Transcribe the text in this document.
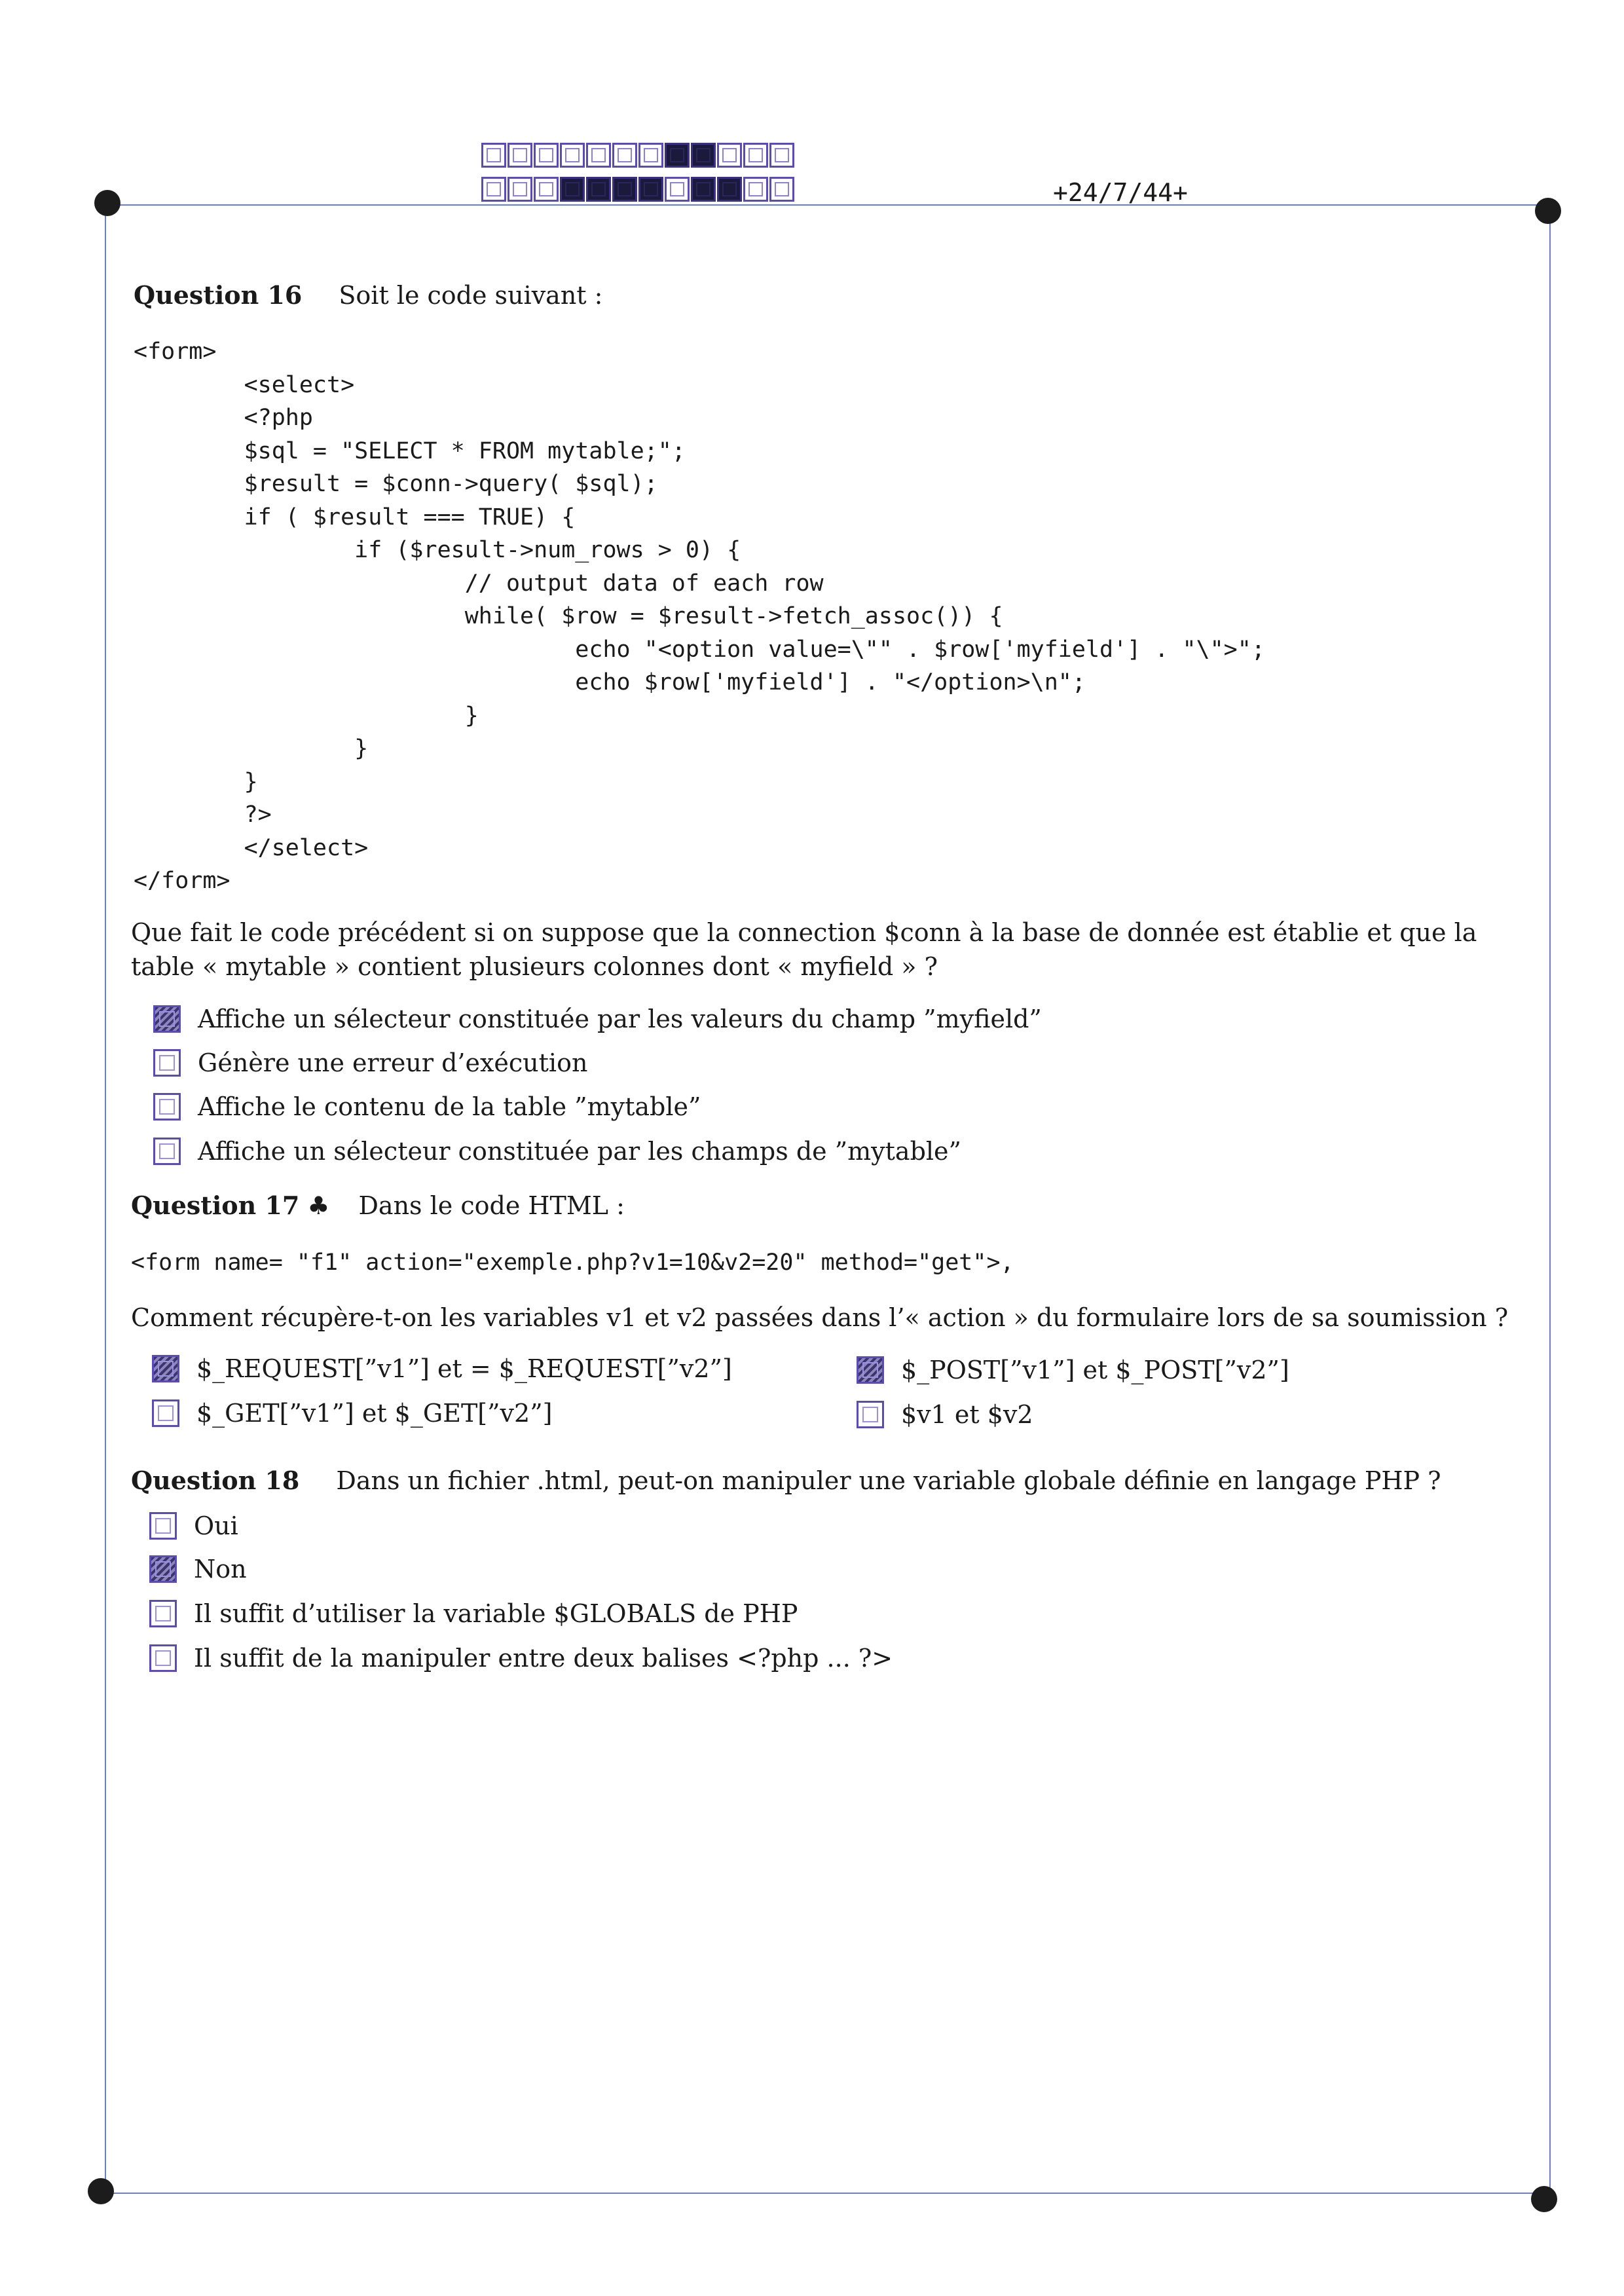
+24/7/44+
Question 16 Soit le code suivant :
<form>
<select>
<?php
$sql = "SELECT * FROM mytable;";
$result = $conn->query( $sql);
if ( $result === TRUE) {
if ($result->num_rows > 0) {
// output data of each row
while( $row = $result->fetch_assoc()) {
echo "<option value=\"" . $row['myfield'] . "\">";
echo $row['myfield'] . "</option>\n";
}
}
}
?>
</select>
</form>
Que fait le code précédent si on suppose que la connection $conn à la base de donnée est établie et que la table « mytable » contient plusieurs colonnes dont « myfield » ?
Affiche un sélecteur constituée par les valeurs du champ ”myfield”
Génère une erreur d’exécution
Affiche le contenu de la table ”mytable”
Affiche un sélecteur constituée par les champs de ”mytable”
Question 17 ♣ Dans le code HTML :
<form name= "f1" action="exemple.php?v1=10&v2=20" method="get">,
Comment récupère-t-on les variables v1 et v2 passées dans l’« action » du formulaire lors de sa soumission ?
$_REQUEST[”v1”] et = $_REQUEST[”v2”]	$_POST[”v1”] et $_POST[”v2”]
$_GET[”v1”] et $_GET[”v2”]	$v1 et $v2
Question 18 Dans un fichier .html, peut-on manipuler une variable globale définie en langage PHP ?
Oui
Non
Il suffit d’utiliser la variable $GLOBALS de PHP
Il suffit de la manipuler entre deux balises <?php ... ?>
